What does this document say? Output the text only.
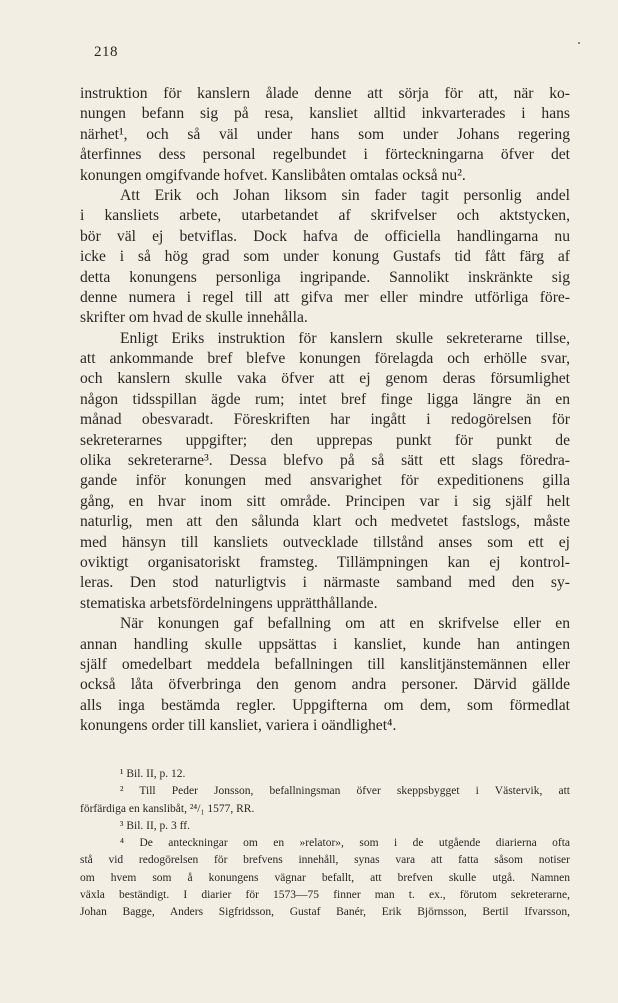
218
instruktion för kanslern ålade denne att sörja för att, när ko-
nungen befann sig på resa, kansliet alltid inkvarterades i hans
närhet¹, och så väl under hans som under Johans regering
återfinnes dess personal regelbundet i förteckningarna öfver det
konungen omgifvande hofvet. Kanslibåten omtalas också nu².
Att Erik och Johan liksom sin fader tagit personlig andel
i kansliets arbete, utarbetandet af skrifvelser och aktstycken,
bör väl ej betviflas. Dock hafva de officiella handlingarna nu
icke i så hög grad som under konung Gustafs tid fått färg af
detta konungens personliga ingripande. Sannolikt inskränkte sig
denne numera i regel till att gifva mer eller mindre utförliga före-
skrifter om hvad de skulle innehålla.
Enligt Eriks instruktion för kanslern skulle sekreterarne tillse,
att ankommande bref blefve konungen förelagda och erhölle svar,
och kanslern skulle vaka öfver att ej genom deras försumlighet
någon tidsspillan ägde rum; intet bref finge ligga längre än en
månad obesvaradt. Föreskriften har ingått i redogörelsen för
sekreterarnes uppgifter; den upprepas punkt för punkt de
olika sekreterarne³. Dessa blefvo på så sätt ett slags föredra-
gande inför konungen med ansvarighet för expeditionens gilla
gång, en hvar inom sitt område. Principen var i sig själf helt
naturlig, men att den sålunda klart och medvetet fastslogs, måste
med hänsyn till kansliets outvecklade tillstånd anses som ett ej
oviktigt organisatoriskt framsteg. Tillämpningen kan ej kontrol-
leras. Den stod naturligtvis i närmaste samband med den sy-
stematiska arbetsfördelningens upprätthållande.
När konungen gaf befallning om att en skrifvelse eller en
annan handling skulle uppsättas i kansliet, kunde han antingen
själf omedelbart meddela befallningen till kanslitjänstemännen eller
också låta öfverbringa den genom andra personer. Därvid gällde
alls inga bestämda regler. Uppgifterna om dem, som förmedlat
konungens order till kansliet, variera i oändlighet⁴.
¹ Bil. II, p. 12.
² Till Peder Jonsson, befallningsman öfver skeppsbygget i Västervik, att
förfärdiga en kanslibåt, ²⁴/₁ 1577, RR.
³ Bil. II, p. 3 ff.
⁴ De anteckningar om en »relator», som i de utgående diarierna ofta
stå vid redogörelsen för brefvens innehåll, synas vara att fatta såsom notiser
om hvem som å konungens vägnar befallt, att brefven skulle utgå. Namnen
växla beständigt. I diarier för 1573—75 finner man t. ex., förutom sekreterarne,
Johan Bagge, Anders Sigfridsson, Gustaf Banér, Erik Björnsson, Bertil Ifvarsson,
